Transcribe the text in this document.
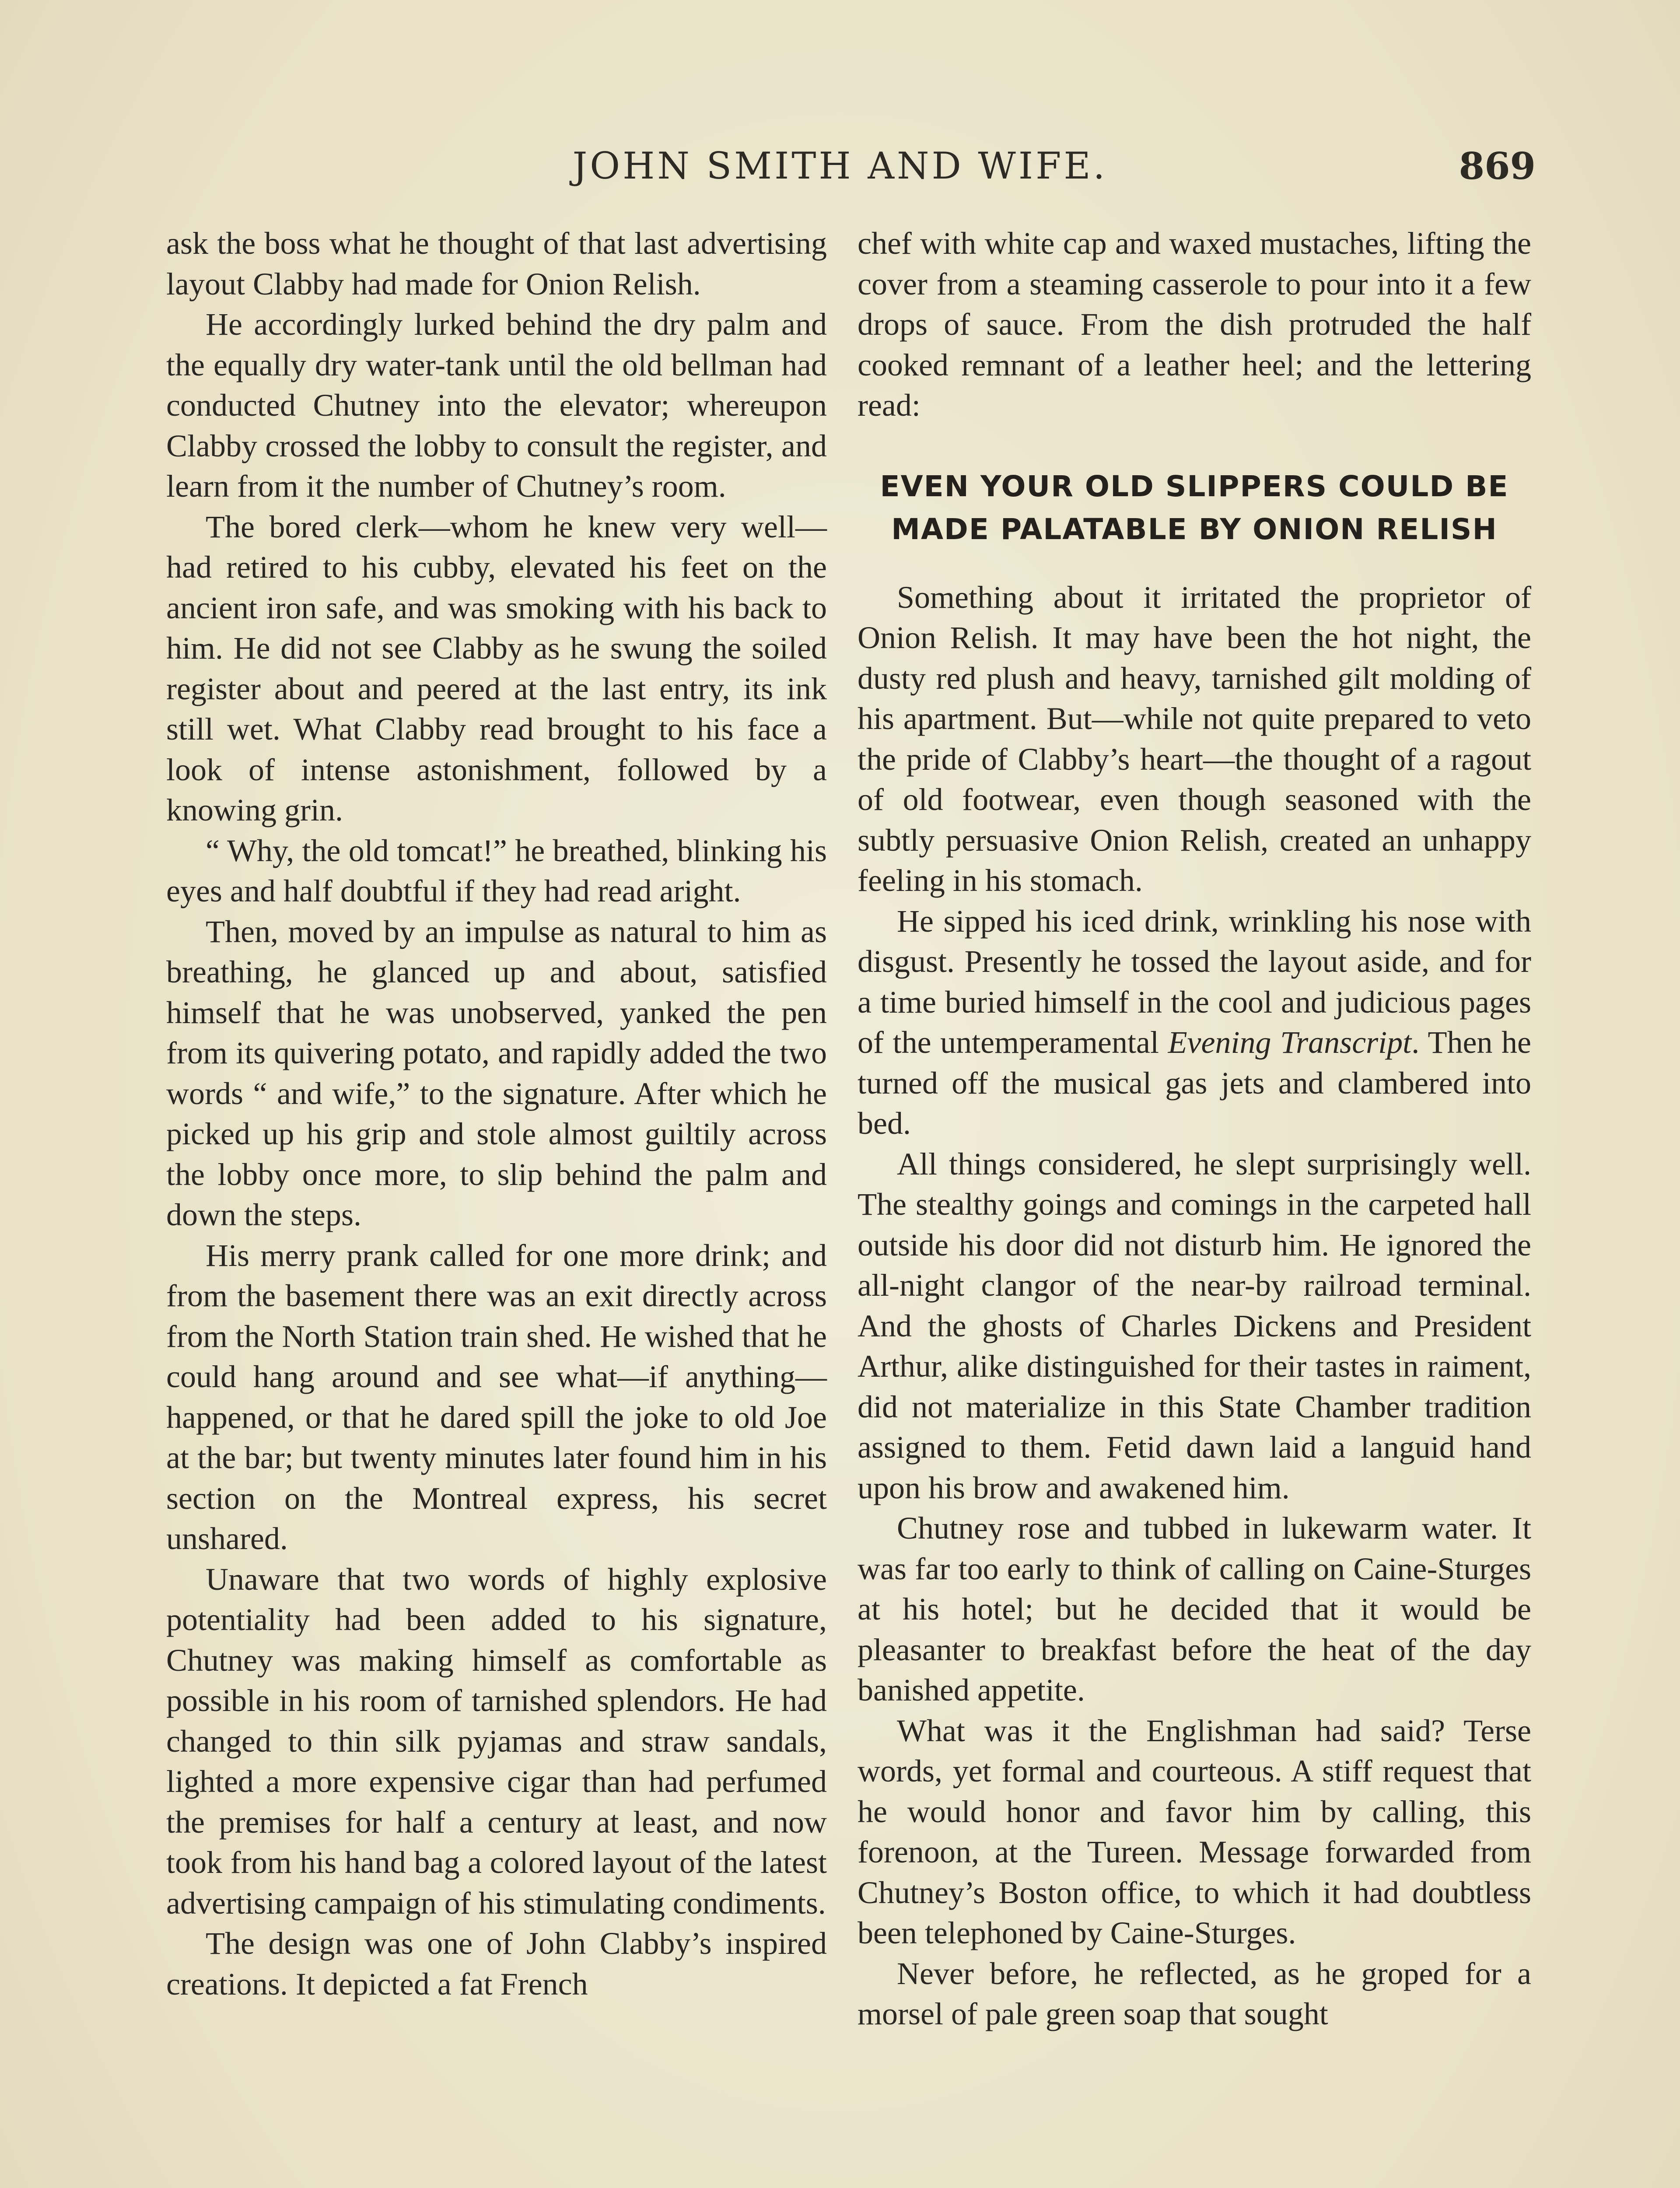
JOHN SMITH AND WIFE.	869

ask the boss what he thought of that last advertising layout Clabby had made for Onion Relish.

He accordingly lurked behind the dry palm and the equally dry water-tank until the old bellman had conducted Chutney into the elevator; whereupon Clabby crossed the lobby to consult the register, and learn from it the number of Chutney’s room.

The bored clerk—whom he knew very well—had retired to his cubby, elevated his feet on the ancient iron safe, and was smoking with his back to him. He did not see Clabby as he swung the soiled register about and peered at the last entry, its ink still wet. What Clabby read brought to his face a look of intense astonishment, followed by a knowing grin.

“ Why, the old tomcat!” he breathed, blinking his eyes and half doubtful if they had read aright.

Then, moved by an impulse as natural to him as breathing, he glanced up and about, satisfied himself that he was unobserved, yanked the pen from its quivering potato, and rapidly added the two words “ and wife,” to the signature. After which he picked up his grip and stole almost guiltily across the lobby once more, to slip behind the palm and down the steps.

His merry prank called for one more drink; and from the basement there was an exit directly across from the North Station train shed. He wished that he could hang around and see what—if anything—happened, or that he dared spill the joke to old Joe at the bar; but twenty minutes later found him in his section on the Montreal express, his secret unshared.

Unaware that two words of highly explosive potentiality had been added to his signature, Chutney was making himself as comfortable as possible in his room of tarnished splendors. He had changed to thin silk pyjamas and straw sandals, lighted a more expensive cigar than had perfumed the premises for half a century at least, and now took from his hand bag a colored layout of the latest advertising campaign of his stimulating condiments.

The design was one of John Clabby’s inspired creations. It depicted a fat French

chef with white cap and waxed mustaches, lifting the cover from a steaming casserole to pour into it a few drops of sauce. From the dish protruded the half cooked remnant of a leather heel; and the lettering read:

EVEN YOUR OLD SLIPPERS COULD BE MADE PALATABLE BY ONION RELISH

Something about it irritated the proprietor of Onion Relish. It may have been the hot night, the dusty red plush and heavy, tarnished gilt molding of his apartment. But—while not quite prepared to veto the pride of Clabby’s heart—the thought of a ragout of old footwear, even though seasoned with the subtly persuasive Onion Relish, created an unhappy feeling in his stomach.

He sipped his iced drink, wrinkling his nose with disgust. Presently he tossed the layout aside, and for a time buried himself in the cool and judicious pages of the untemperamental Evening Transcript. Then he turned off the musical gas jets and clambered into bed.

All things considered, he slept surprisingly well. The stealthy goings and comings in the carpeted hall outside his door did not disturb him. He ignored the all-night clangor of the near-by railroad terminal. And the ghosts of Charles Dickens and President Arthur, alike distinguished for their tastes in raiment, did not materialize in this State Chamber tradition assigned to them. Fetid dawn laid a languid hand upon his brow and awakened him.

Chutney rose and tubbed in lukewarm water. It was far too early to think of calling on Caine-Sturges at his hotel; but he decided that it would be pleasanter to breakfast before the heat of the day banished appetite.

What was it the Englishman had said? Terse words, yet formal and courteous. A stiff request that he would honor and favor him by calling, this forenoon, at the Tureen. Message forwarded from Chutney’s Boston office, to which it had doubtless been telephoned by Caine-Sturges.

Never before, he reflected, as he groped for a morsel of pale green soap that sought
